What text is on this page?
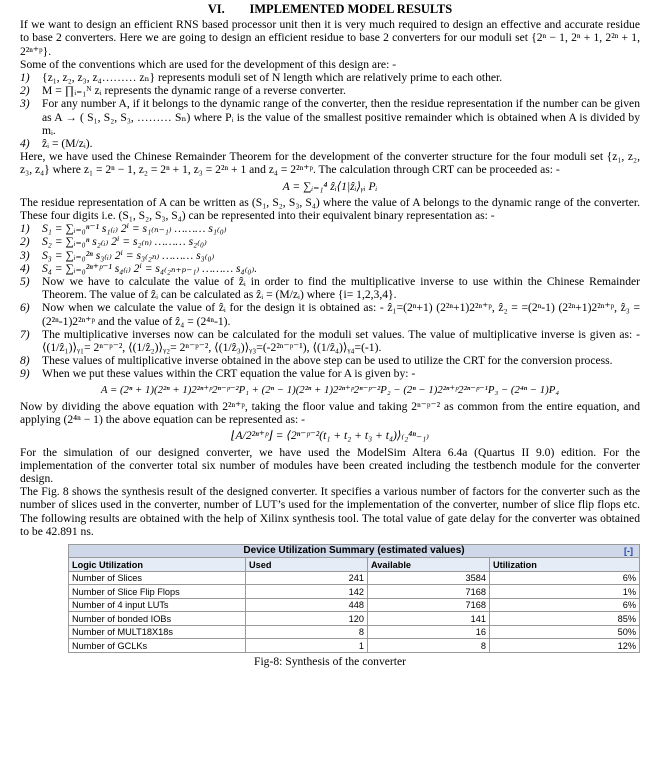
VI.  IMPLEMENTED MODEL RESULTS

If we want to design an efficient RNS based processor unit then it is very much required to design an effective and accurate residue to base 2 converters. Here we are going to design an efficient residue to base 2 converters for our moduli set {2ⁿ − 1, 2ⁿ + 1, 2²ⁿ + 1, 2²ⁿ⁺ᵖ}.

Some of the conventions which are used for the development of this design are: -

1)	{z₁, z₂, z₃, z₄……… zₙ} represents moduli set of N length which are relatively prime to each other.
2)	M = ∏ᵢ₌₁ᴺ zᵢ represents the dynamic range of a reverse converter.
3)	For any number A, if it belongs to the dynamic range of the converter, then the residue representation if the number can be given as A → ( S₁, S₂, S₃, ……… Sₙ) where Pᵢ is the value of the smallest positive remainder which is obtained when A is divided by mᵢ.
4)	ẑᵢ = (M/zᵢ).

Here, we have used the Chinese Remainder Theorem for the development of the converter structure for the four moduli set {z₁, z₂, z₃, z₄} where z₁ = 2ⁿ − 1, z₂ = 2ⁿ + 1, z₃ = 2²ⁿ + 1 and z₄ = 2²ⁿ⁺ᵖ. The calculation through CRT can be proceeded as: -

A = ∑ᵢ₌₁⁴ ẑᵢ⟨1|ẑᵢ⟩ᵧᵢ Pᵢ

The residue representation of A can be written as (S₁, S₂, S₃, S₄) where the value of A belongs to the dynamic range of the converter. These four digits i.e. (S₁, S₂, S₃, S₄) can be represented into their equivalent binary representation as: -

1)	S₁ = ∑ᵢ₌₀ⁿ⁻¹ s₁₍ᵢ₎ 2ⁱ = s₁₍ₙ₋₁₎ ……… s₁₍₀₎
2)	S₂ = ∑ᵢ₌₀ⁿ s₂₍ᵢ₎ 2ⁱ = s₂₍ₙ₎ ……… s₂₍₀₎
3)	S₃ = ∑ᵢ₌₀²ⁿ s₃₍ᵢ₎ 2ⁱ = s₃₍₂ₙ₎ ……… s₃₍₀₎
4)	S₄ = ∑ᵢ₌₀²ⁿ⁺ᵖ⁻¹ s₄₍ᵢ₎ 2ⁱ = s₄₍₂ₙ₊ₚ₋₁₎ ……… s₄₍₀₎.
5)	Now we have to calculate the value of ẑᵢ in order to find the multiplicative inverse to use within the Chinese Remainder Theorem. The value of ẑᵢ can be calculated as ẑᵢ = (M/zᵢ) where {i= 1,2,3,4}.
6)	Now when we calculate the value of ẑᵢ for the design it is obtained as: - ẑ₁=(2ⁿ+1) (2²ⁿ+1)2²ⁿ⁺ᵖ, ẑ₂ = =(2ⁿ-1) (2²ⁿ+1)2²ⁿ⁺ᵖ, ẑ₃ = (2²ⁿ-1)2²ⁿ⁺ᵖ and the value of ẑ₄ = (2⁴ⁿ-1).
7)	The multiplicative inverses now can be calculated for the moduli set values. The value of multiplicative inverse is given as: - ⟨(1/ẑ₁)⟩ᵧ₁= 2ⁿ⁻ᵖ⁻², ⟨(1/ẑ₂)⟩ᵧ₂= 2ⁿ⁻ᵖ⁻², ⟨(1/ẑ₃)⟩ᵧ₃=(-2²ⁿ⁻ᵖ⁻¹), ⟨(1/ẑ₄)⟩ᵧ₄=(-1).
8)	These values of multiplicative inverse obtained in the above step can be used to utilize the CRT for the conversion process.
9)	When we put these values within the CRT equation the value for A is given by: -
A = (2ⁿ + 1)(2²ⁿ + 1)2²ⁿ⁺ᵖ2ⁿ⁻ᵖ⁻²P₁ + (2ⁿ − 1)(2²ⁿ + 1)2²ⁿ⁺ᵖ2ⁿ⁻ᵖ⁻²P₂ − (2ⁿ − 1)2²ⁿ⁺ᵖ2²ⁿ⁻ᵖ⁻¹P₃ − (2⁴ⁿ − 1)P₄

Now by dividing the above equation with 2²ⁿ⁺ᵖ, taking the floor value and taking 2ⁿ⁻ᵖ⁻² as common from the entire equation, and applying (2⁴ⁿ − 1) the above equation can be represented as: -

⌊A/2²ⁿ⁺ᵖ⌋ = ⟨2ⁿ⁻ᵖ⁻²(t₁ + t₂ + t₃ + t₄)⟩₍₂⁴ⁿ₋₁₎

For the simulation of our designed converter, we have used the ModelSim Altera 6.4a (Quartus II 9.0) edition. For the implementation of the converter total six number of modules have been created including the testbench module for the converter design.

The Fig. 8 shows the synthesis result of the designed converter. It specifies a various number of factors for the converter such as the number of slices used in the converter, number of LUT’s used for the implementation of the converter, number of slice flip flops etc. The following results are obtained with the help of Xilinx synthesis tool. The total value of gate delay for the converter was obtained to be 42.891 ns.

Device Utilization Summary (estimated values) [-]			

Logic Utilization	Used	Available	Utilization
Number of Slices	241	3584	6%
Number of Slice Flip Flops	142	7168	1%
Number of 4 input LUTs	448	7168	6%
Number of bonded IOBs	120	141	85%
Number of MULT18X18s	8	16	50%
Number of GCLKs	1	8	12%
Fig-8: Synthesis of the converter
